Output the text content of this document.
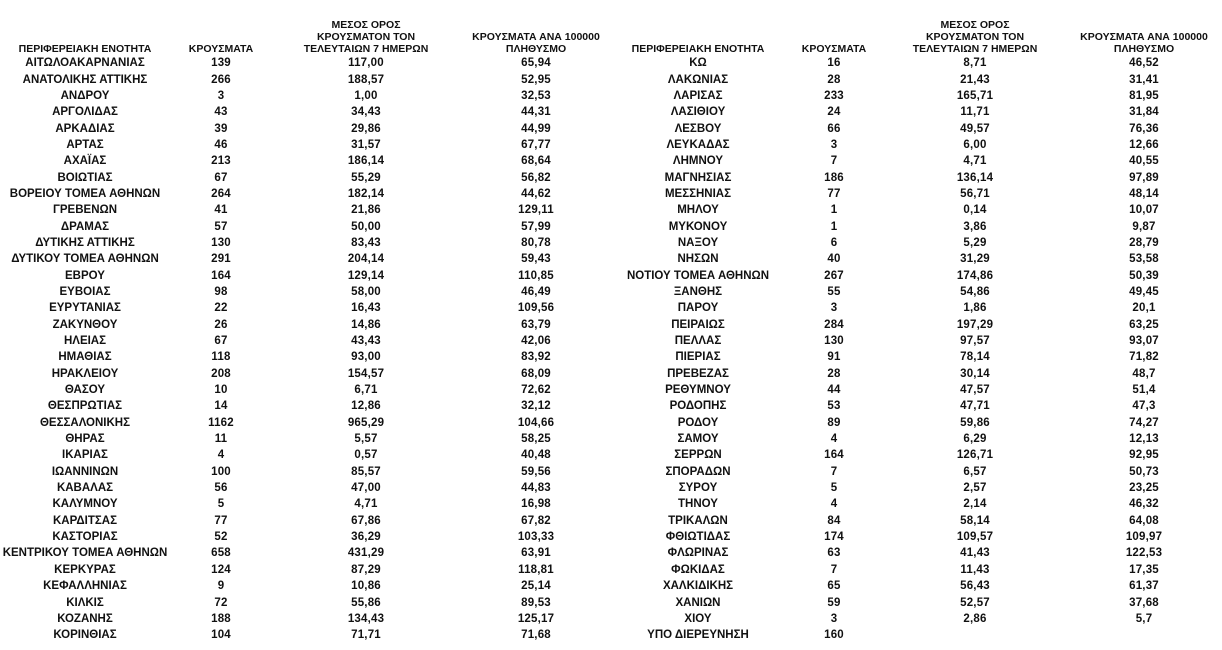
ΠΕΡΙΦΕΡΕΙΑΚΗ ΕΝΟΤΗΤΑ	ΚΡΟΥΣΜΑΤΑ	ΜΕΣΟΣ ΟΡΟΣ
ΚΡΟΥΣΜΑΤΟΝ ΤΟΝ
ΤΕΛΕΥΤΑΙΩΝ 7 ΗΜΕΡΩΝ	ΚΡΟΥΣΜΑΤΑ ΑΝΑ 100000
ΠΛΗΘΥΣΜΟ

ΑΙΤΩΛΟΑΚΑΡΝΑΝΙΑΣ	139	117,00	65,94
ΑΝΑΤΟΛΙΚΗΣ ΑΤΤΙΚΗΣ	266	188,57	52,95
ΑΝΔΡΟΥ	3	1,00	32,53
ΑΡΓΟΛΙΔΑΣ	43	34,43	44,31
ΑΡΚΑΔΙΑΣ	39	29,86	44,99
ΑΡΤΑΣ	46	31,57	67,77
ΑΧΑΪΑΣ	213	186,14	68,64
ΒΟΙΩΤΙΑΣ	67	55,29	56,82
ΒΟΡΕΙΟΥ ΤΟΜΕΑ ΑΘΗΝΩΝ	264	182,14	44,62
ΓΡΕΒΕΝΩΝ	41	21,86	129,11
ΔΡΑΜΑΣ	57	50,00	57,99
ΔΥΤΙΚΗΣ ΑΤΤΙΚΗΣ	130	83,43	80,78
ΔΥΤΙΚΟΥ ΤΟΜΕΑ ΑΘΗΝΩΝ	291	204,14	59,43
ΕΒΡΟΥ	164	129,14	110,85
ΕΥΒΟΙΑΣ	98	58,00	46,49
ΕΥΡΥΤΑΝΙΑΣ	22	16,43	109,56
ΖΑΚΥΝΘΟΥ	26	14,86	63,79
ΗΛΕΙΑΣ	67	43,43	42,06
ΗΜΑΘΙΑΣ	118	93,00	83,92
ΗΡΑΚΛΕΙΟΥ	208	154,57	68,09
ΘΑΣΟΥ	10	6,71	72,62
ΘΕΣΠΡΩΤΙΑΣ	14	12,86	32,12
ΘΕΣΣΑΛΟΝΙΚΗΣ	1162	965,29	104,66
ΘΗΡΑΣ	11	5,57	58,25
ΙΚΑΡΙΑΣ	4	0,57	40,48
ΙΩΑΝΝΙΝΩΝ	100	85,57	59,56
ΚΑΒΑΛΑΣ	56	47,00	44,83
ΚΑΛΥΜΝΟΥ	5	4,71	16,98
ΚΑΡΔΙΤΣΑΣ	77	67,86	67,82
ΚΑΣΤΟΡΙΑΣ	52	36,29	103,33
ΚΕΝΤΡΙΚΟΥ ΤΟΜΕΑ ΑΘΗΝΩΝ	658	431,29	63,91
ΚΕΡΚΥΡΑΣ	124	87,29	118,81
ΚΕΦΑΛΛΗΝΙΑΣ	9	10,86	25,14
ΚΙΛΚΙΣ	72	55,86	89,53
ΚΟΖΑΝΗΣ	188	134,43	125,17
ΚΟΡΙΝΘΙΑΣ	104	71,71	71,68
ΠΕΡΙΦΕΡΕΙΑΚΗ ΕΝΟΤΗΤΑ	ΚΡΟΥΣΜΑΤΑ	ΜΕΣΟΣ ΟΡΟΣ
ΚΡΟΥΣΜΑΤΟΝ ΤΟΝ
ΤΕΛΕΥΤΑΙΩΝ 7 ΗΜΕΡΩΝ	ΚΡΟΥΣΜΑΤΑ ΑΝΑ 100000
ΠΛΗΘΥΣΜΟ

ΚΩ	16	8,71	46,52
ΛΑΚΩΝΙΑΣ	28	21,43	31,41
ΛΑΡΙΣΑΣ	233	165,71	81,95
ΛΑΣΙΘΙΟΥ	24	11,71	31,84
ΛΕΣΒΟΥ	66	49,57	76,36
ΛΕΥΚΑΔΑΣ	3	6,00	12,66
ΛΗΜΝΟΥ	7	4,71	40,55
ΜΑΓΝΗΣΙΑΣ	186	136,14	97,89
ΜΕΣΣΗΝΙΑΣ	77	56,71	48,14
ΜΗΛΟΥ	1	0,14	10,07
ΜΥΚΟΝΟΥ	1	3,86	9,87
ΝΑΞΟΥ	6	5,29	28,79
ΝΗΣΩΝ	40	31,29	53,58
ΝΟΤΙΟΥ ΤΟΜΕΑ ΑΘΗΝΩΝ	267	174,86	50,39
ΞΑΝΘΗΣ	55	54,86	49,45
ΠΑΡΟΥ	3	1,86	20,1
ΠΕΙΡΑΙΩΣ	284	197,29	63,25
ΠΕΛΛΑΣ	130	97,57	93,07
ΠΙΕΡΙΑΣ	91	78,14	71,82
ΠΡΕΒΕΖΑΣ	28	30,14	48,7
ΡΕΘΥΜΝΟΥ	44	47,57	51,4
ΡΟΔΟΠΗΣ	53	47,71	47,3
ΡΟΔΟΥ	89	59,86	74,27
ΣΑΜΟΥ	4	6,29	12,13
ΣΕΡΡΩΝ	164	126,71	92,95
ΣΠΟΡΑΔΩΝ	7	6,57	50,73
ΣΥΡΟΥ	5	2,57	23,25
ΤΗΝΟΥ	4	2,14	46,32
ΤΡΙΚΑΛΩΝ	84	58,14	64,08
ΦΘΙΩΤΙΔΑΣ	174	109,57	109,97
ΦΛΩΡΙΝΑΣ	63	41,43	122,53
ΦΩΚΙΔΑΣ	7	11,43	17,35
ΧΑΛΚΙΔΙΚΗΣ	65	56,43	61,37
ΧΑΝΙΩΝ	59	52,57	37,68
ΧΙΟΥ	3	2,86	5,7
ΥΠΟ ΔΙΕΡΕΥΝΗΣΗ	160		
